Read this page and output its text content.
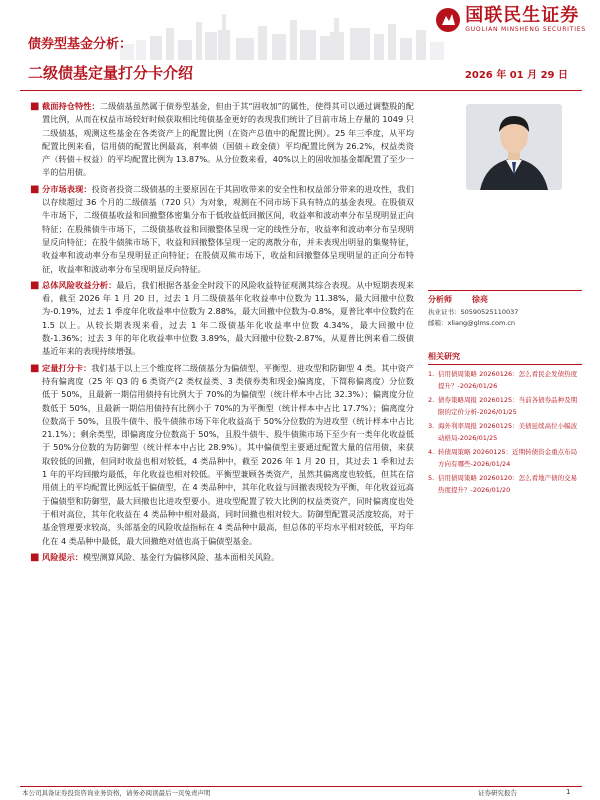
国联民生证券
GUOLIAN MINSHENG SECURITIES
债券型基金分析：
二级债基定量打分卡介绍	2026 年 01 月 29 日
■ 截面持仓特性：二级债基虽然属于债券型基金，但由于其“固收加”的属性，使得其可以通过调整股的配置比例，从而在权益市场较好时候获取相比纯债基金更好的表现我们统计了目前市场上存量的 1049 只二级债基，观测这些基金在各类资产上的配置比例（在资产总值中的配置比例）。25 年三季度，从平均配置比例来看，信用债的配置比例最高，利率债（国债＋政金债）平均配置比例为 26.2%，权益类资产（转债＋权益）的平均配置比例为 13.87%。从分位数来看，40%以上的固收加基金都配置了至少一半的信用债。
■ 分市场表现：投资者投资二级债基的主要原因在于其固收带来的安全性和权益部分带来的进攻性，我们以存续超过 36 个月的二级债基（720 只）为对象，观测在不同市场下具有特点的基金表现。在股债双牛市场下，二级债基收益和回撤整体密集分布于低收益低回撤区间，收益率和波动率分布呈现明显正向特征；在股熊债牛市场下，二级债基收益和回撤整体呈现一定的线性分布，收益率和波动率分布呈现明显反向特征；在股牛债熊市场下，收益和回撤整体呈现一定的离散分布，并未表现出明显的集聚特征，收益率和波动率分布呈现明显正向特征；在股债双熊市场下，收益和回撤整体呈现明显的正向分布特征，收益率和波动率分布呈现明显反向特征。
■ 总体风险收益分析：最后，我们根据各基金全时段下的风险收益特征观测其综合表现。从中短期表现来看，截至 2026 年 1 月 20 日，过去 1 月二级债基年化收益率中位数为 11.38%，最大回撤中位数为-0.19%，过去 1 季度年化收益率中位数为 2.88%，最大回撤中位数为-0.8%，夏普比率中位数约在 1.5 以上。从较长期表现来看，过去 1 年二级债基年化收益率中位数 4.34%，最大回撤中位数-1.36%；过去 3 年的年化收益率中位数 3.89%，最大回撤中位数-2.87%，从夏普比例来看二级债基近年来的表现持续增强。
■ 定量打分卡：我们基于以上三个维度将二级债基分为偏债型、平衡型、进攻型和防御型 4 类。其中资产持有偏离度（25 年 Q3 的 6 类资产(2 类权益类、3 类债券类和现金)偏离度，下简称偏离度）分位数低于 50%，且最新一期信用债持有比例大于 70%的为偏债型（统计样本中占比 32.3%）；偏离度分位数低于 50%，且最新一期信用债持有比例小于 70%的为平衡型（统计样本中占比 17.7%）；偏离度分位数高于 50%，且股牛债牛、股牛债熊市场下年化收益高于 50%分位数的为进攻型（统计样本中占比 21.1%）；剩余类型，即偏离度分位数高于 50%，且股牛债牛、股牛债熊市场下至少有一类年化收益低于 50%分位数的为防御型（统计样本中占比 28.9%）。其中偏债型主要通过配置大量的信用债，来获取较低的回撤，但同时收益也相对较低，4 类品种中，截至 2026 年 1 月 20 日，其过去 1 季和过去 1 年的平均回撤均最低，年化收益也相对较低。平衡型兼顾各类资产，虽然其偏离度也较低，但其在信用债上的平均配置比例远低于偏债型，在 4 类品种中，其年化收益与回撤表现较为平衡，年化收益远高于偏债型和防御型，最大回撤也比进攻型要小。进攻型配置了较大比例的权益类资产，同时偏离度也处于相对高位，其年化收益在 4 类品种中相对最高，同时回撤也相对较大。防御型配置灵活度较高，对于基金管理要求较高，头部基金的风险收益指标在 4 类品种中最高，但总体的平均水平相对较低，平均年化在 4 类品种中最低，最大回撤绝对值也高于偏债型基金。
■ 风险提示：模型测算风险、基金行为偏移风险、基本面相关风险。
分析师	徐亮
执业证书：S0590525110037
邮箱：xliang@glms.com.cn
相关研究
1. 信用债周策略 20260126：怎么看民企发债热度提升？-2026/01/26
2. 债券策略周报 20260125：当前各债券品种及期限的定价分析-2026/01/25
3. 海外利率周报 20260125：美债延续高位小幅波动格局-2026/01/25
4. 转债周策略 20260125：近期转债资金重点布局方向有哪些-2026/01/24
5. 信用债周策略 20260120：怎么看地产债的交易热度提升？-2026/01/20
本公司具备证券投资咨询业务资格，请务必阅读最后一页免责声明	证券研究报告	1
